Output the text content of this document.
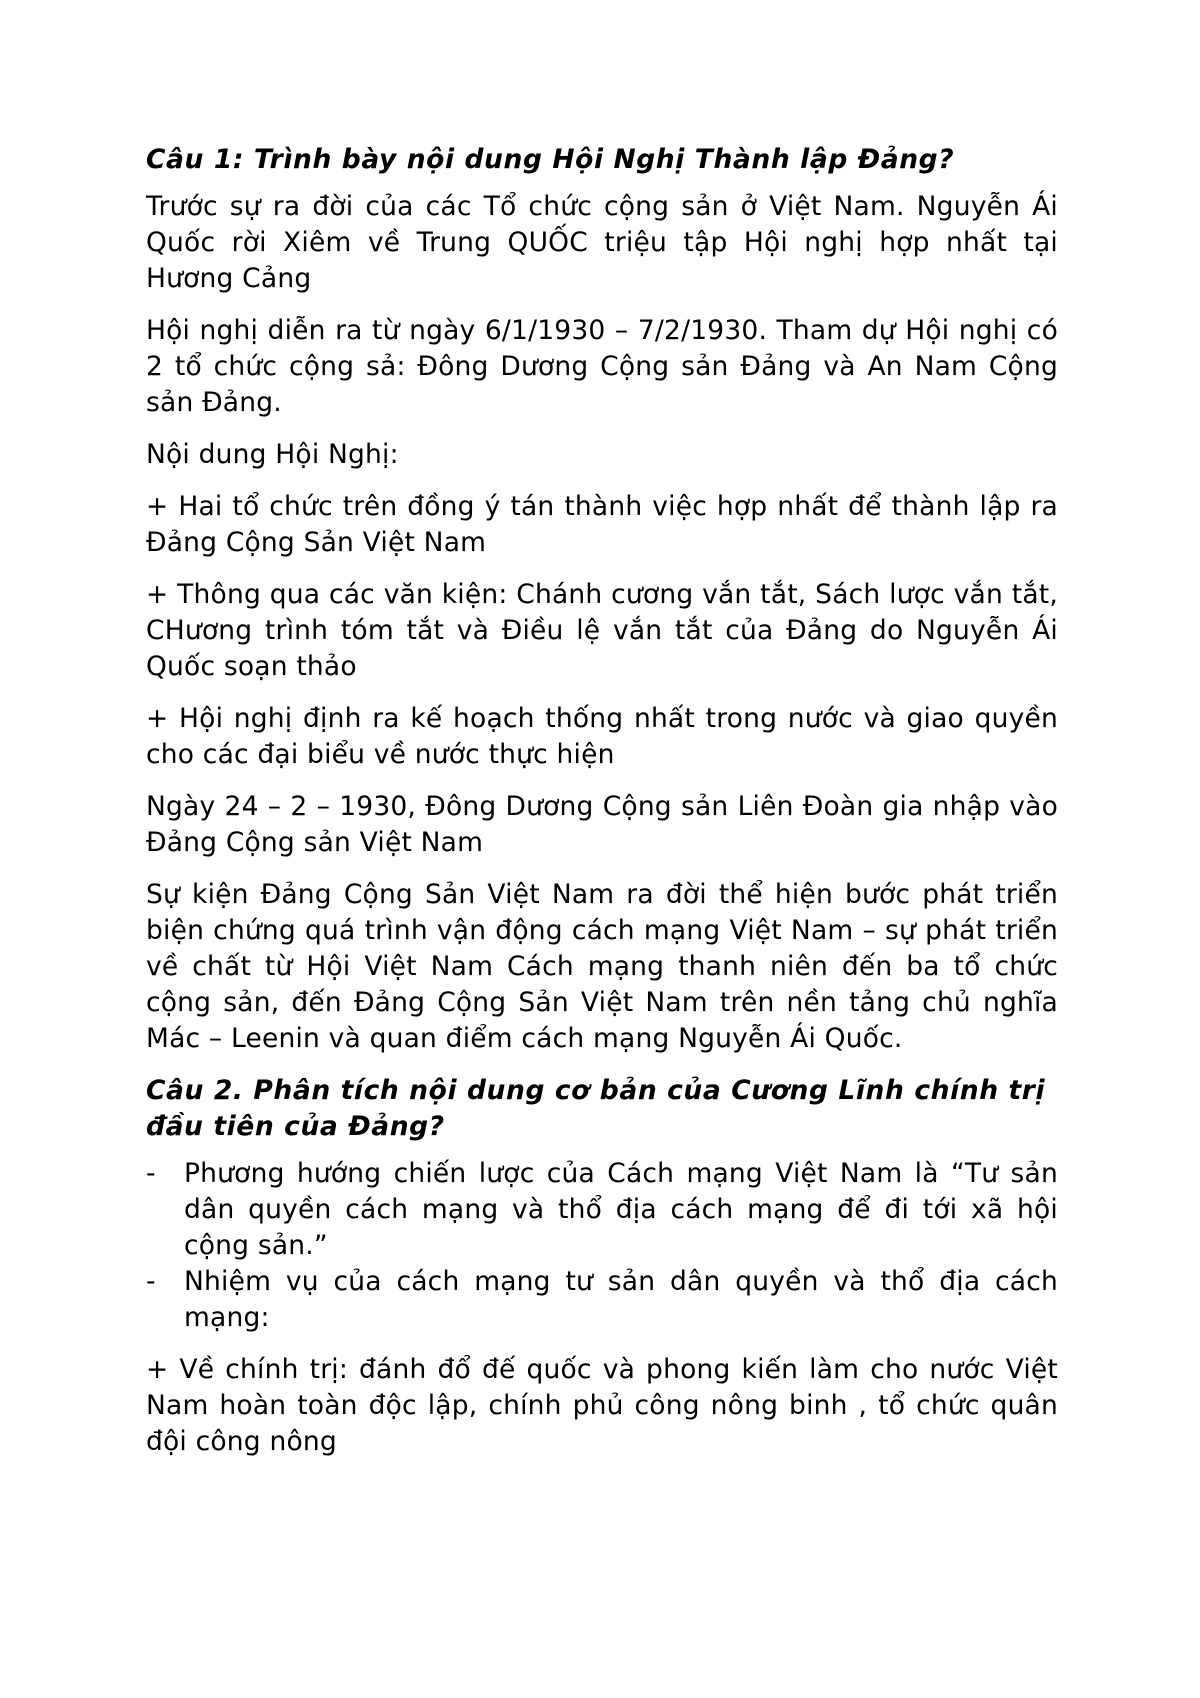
Câu 1: Trình bày nội dung Hội Nghị Thành lập Đảng?

Trước sự ra đời của các Tổ chức cộng sản ở Việt Nam. Nguyễn Ái Quốc rời Xiêm về Trung QUỐC triệu tập Hội nghị hợp nhất tại Hương Cảng

Hội nghị diễn ra từ ngày 6/1/1930 – 7/2/1930. Tham dự Hội nghị có 2 tổ chức cộng sả: Đông Dương Cộng sản Đảng và An Nam Cộng sản Đảng.

Nội dung Hội Nghị:

+ Hai tổ chức trên đồng ý tán thành việc hợp nhất để thành lập ra Đảng Cộng Sản Việt Nam

+ Thông qua các văn kiện: Chánh cương vắn tắt, Sách lược vắn tắt, CHương trình tóm tắt và Điều lệ vắn tắt của Đảng do Nguyễn Ái Quốc soạn thảo

+ Hội nghị định ra kế hoạch thống nhất trong nước và giao quyền cho các đại biểu về nước thực hiện

Ngày 24 – 2 – 1930, Đông Dương Cộng sản Liên Đoàn gia nhập vào Đảng Cộng sản Việt Nam

Sự kiện Đảng Cộng Sản Việt Nam ra đời thể hiện bước phát triển biện chứng quá trình vận động cách mạng Việt Nam – sự phát triển về chất từ Hội Việt Nam Cách mạng thanh niên đến ba tổ chức cộng sản, đến Đảng Cộng Sản Việt Nam trên nền tảng chủ nghĩa Mác – Leenin và quan điểm cách mạng Nguyễn Ái Quốc.

Câu 2. Phân tích nội dung cơ bản của Cương Lĩnh chính trị đầu tiên của Đảng?
- Phương hướng chiến lược của Cách mạng Việt Nam là “Tư sản dân quyền cách mạng và thổ địa cách mạng để đi tới xã hội cộng sản.”
- Nhiệm vụ của cách mạng tư sản dân quyền và thổ địa cách mạng:

+ Về chính trị: đánh đổ đế quốc và phong kiến làm cho nước Việt Nam hoàn toàn độc lập, chính phủ công nông binh , tổ chức quân đội công nông
